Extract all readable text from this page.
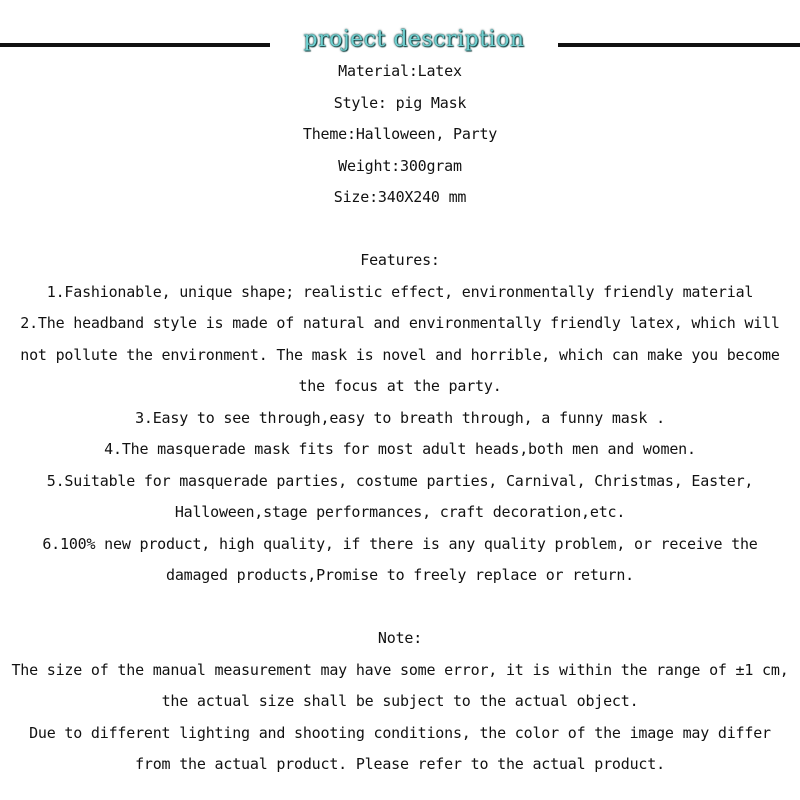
project description
Material:Latex
Style: pig Mask
Theme:Halloween, Party
Weight:300gram
Size:340X240 mm
Features:
1.Fashionable, unique shape; realistic effect, environmentally friendly material
2.The headband style is made of natural and environmentally friendly latex, which will not pollute the environment. The mask is novel and horrible, which can make you become the focus at the party.
3.Easy to see through,easy to breath through, a funny mask .
4.The masquerade mask fits for most adult heads,both men and women.
5.Suitable for masquerade parties, costume parties, Carnival, Christmas, Easter, Halloween,stage performances, craft decoration,etc.
6.100% new product, high quality, if there is any quality problem, or receive the damaged products,Promise to freely replace or return.
Note:
The size of the manual measurement may have some error, it is within the range of ±1 cm, the actual size shall be subject to the actual object.
Due to different lighting and shooting conditions, the color of the image may differ from the actual product. Please refer to the actual product.
